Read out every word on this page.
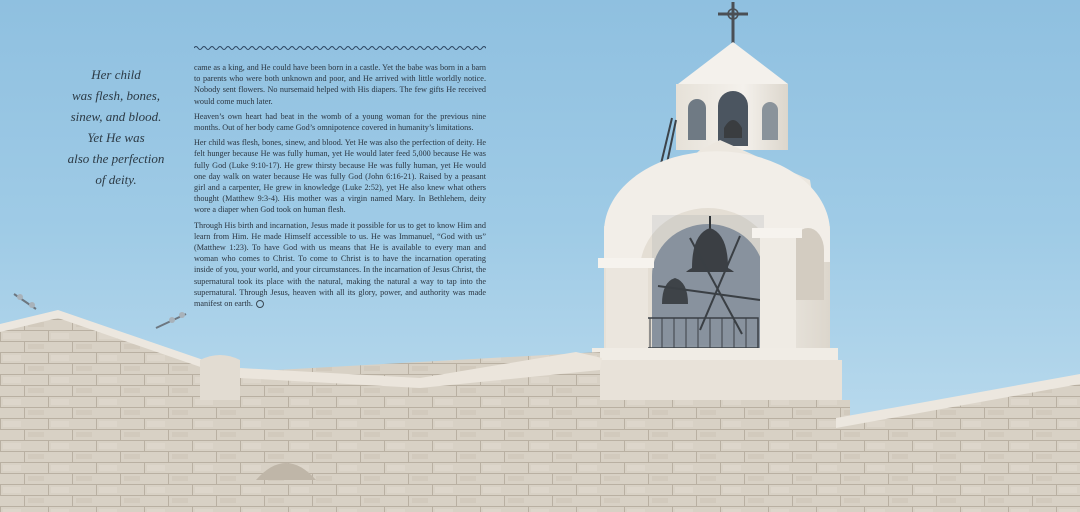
Her child
was flesh, bones,
sinew, and blood.
Yet He was
also the perfection
of deity.

came as a king, and He could have been born in a castle. Yet the babe was born in a barn to parents who were both unknown and poor, and He arrived with little worldly notice. Nobody sent flowers. No nursemaid helped with His diapers. The few gifts He received would come much later.

Heaven’s own heart had beat in the womb of a young woman for the previous nine months. Out of her body came God’s omnipotence covered in humanity’s limitations.

Her child was flesh, bones, sinew, and blood. Yet He was also the perfection of deity. He felt hunger because He was fully human, yet He would later feed 5,000 because He was fully God (Luke 9:10-17). He grew thirsty because He was fully human, yet He would one day walk on water because He was fully God (John 6:16-21). Raised by a peasant girl and a carpenter, He grew in knowledge (Luke 2:52), yet He also knew what others thought (Matthew 9:3-4). His mother was a virgin named Mary. In Bethlehem, deity wore a diaper when God took on human flesh.

Through His birth and incarnation, Jesus made it possible for us to get to know Him and learn from Him. He made Himself accessible to us. He was Immanuel, “God with us” (Matthew 1:23). To have God with us means that He is available to every man and woman who comes to Christ. To come to Christ is to have the incarnation operating inside of you, your world, and your circumstances. In the incarnation of Jesus Christ, the supernatural took its place with the natural, making the natural a way to tap into the supernatural. Through Jesus, heaven with all its glory, power, and authority was made manifest on earth.
